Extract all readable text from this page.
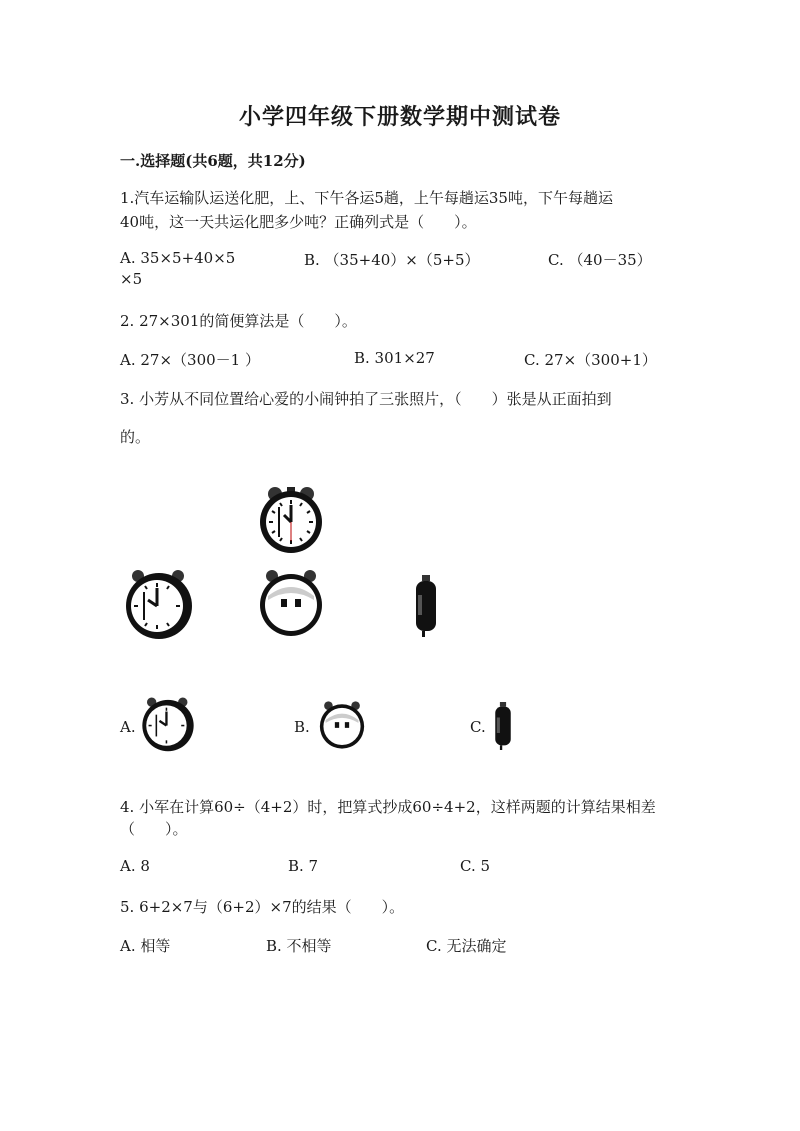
小学四年级下册数学期中测试卷
一.选择题(共6题，共12分)
1.汽车运输队运送化肥，上、下午各运5趟，上午每趟运35吨，下午每趟运
40吨，这一天共运化肥多少吨？正确列式是（　　）。
A. 35×5+40×5	B. （35+40）×（5+5）	C. （40－35）
×5
2. 27×301的简便算法是（　　）。
A. 27×（300－1 ）	B. 301×27	C. 27×（300+1）
3. 小芳从不同位置给心爱的小闹钟拍了三张照片，（　　）张是从正面拍到
的。
A.	B.	C.
4. 小军在计算60÷（4+2）时，把算式抄成60÷4+2，这样两题的计算结果相差
（　　）。
A. 8	B. 7	C. 5
5. 6+2×7与（6+2）×7的结果（　　）。
A. 相等	B. 不相等	C. 无法确定
